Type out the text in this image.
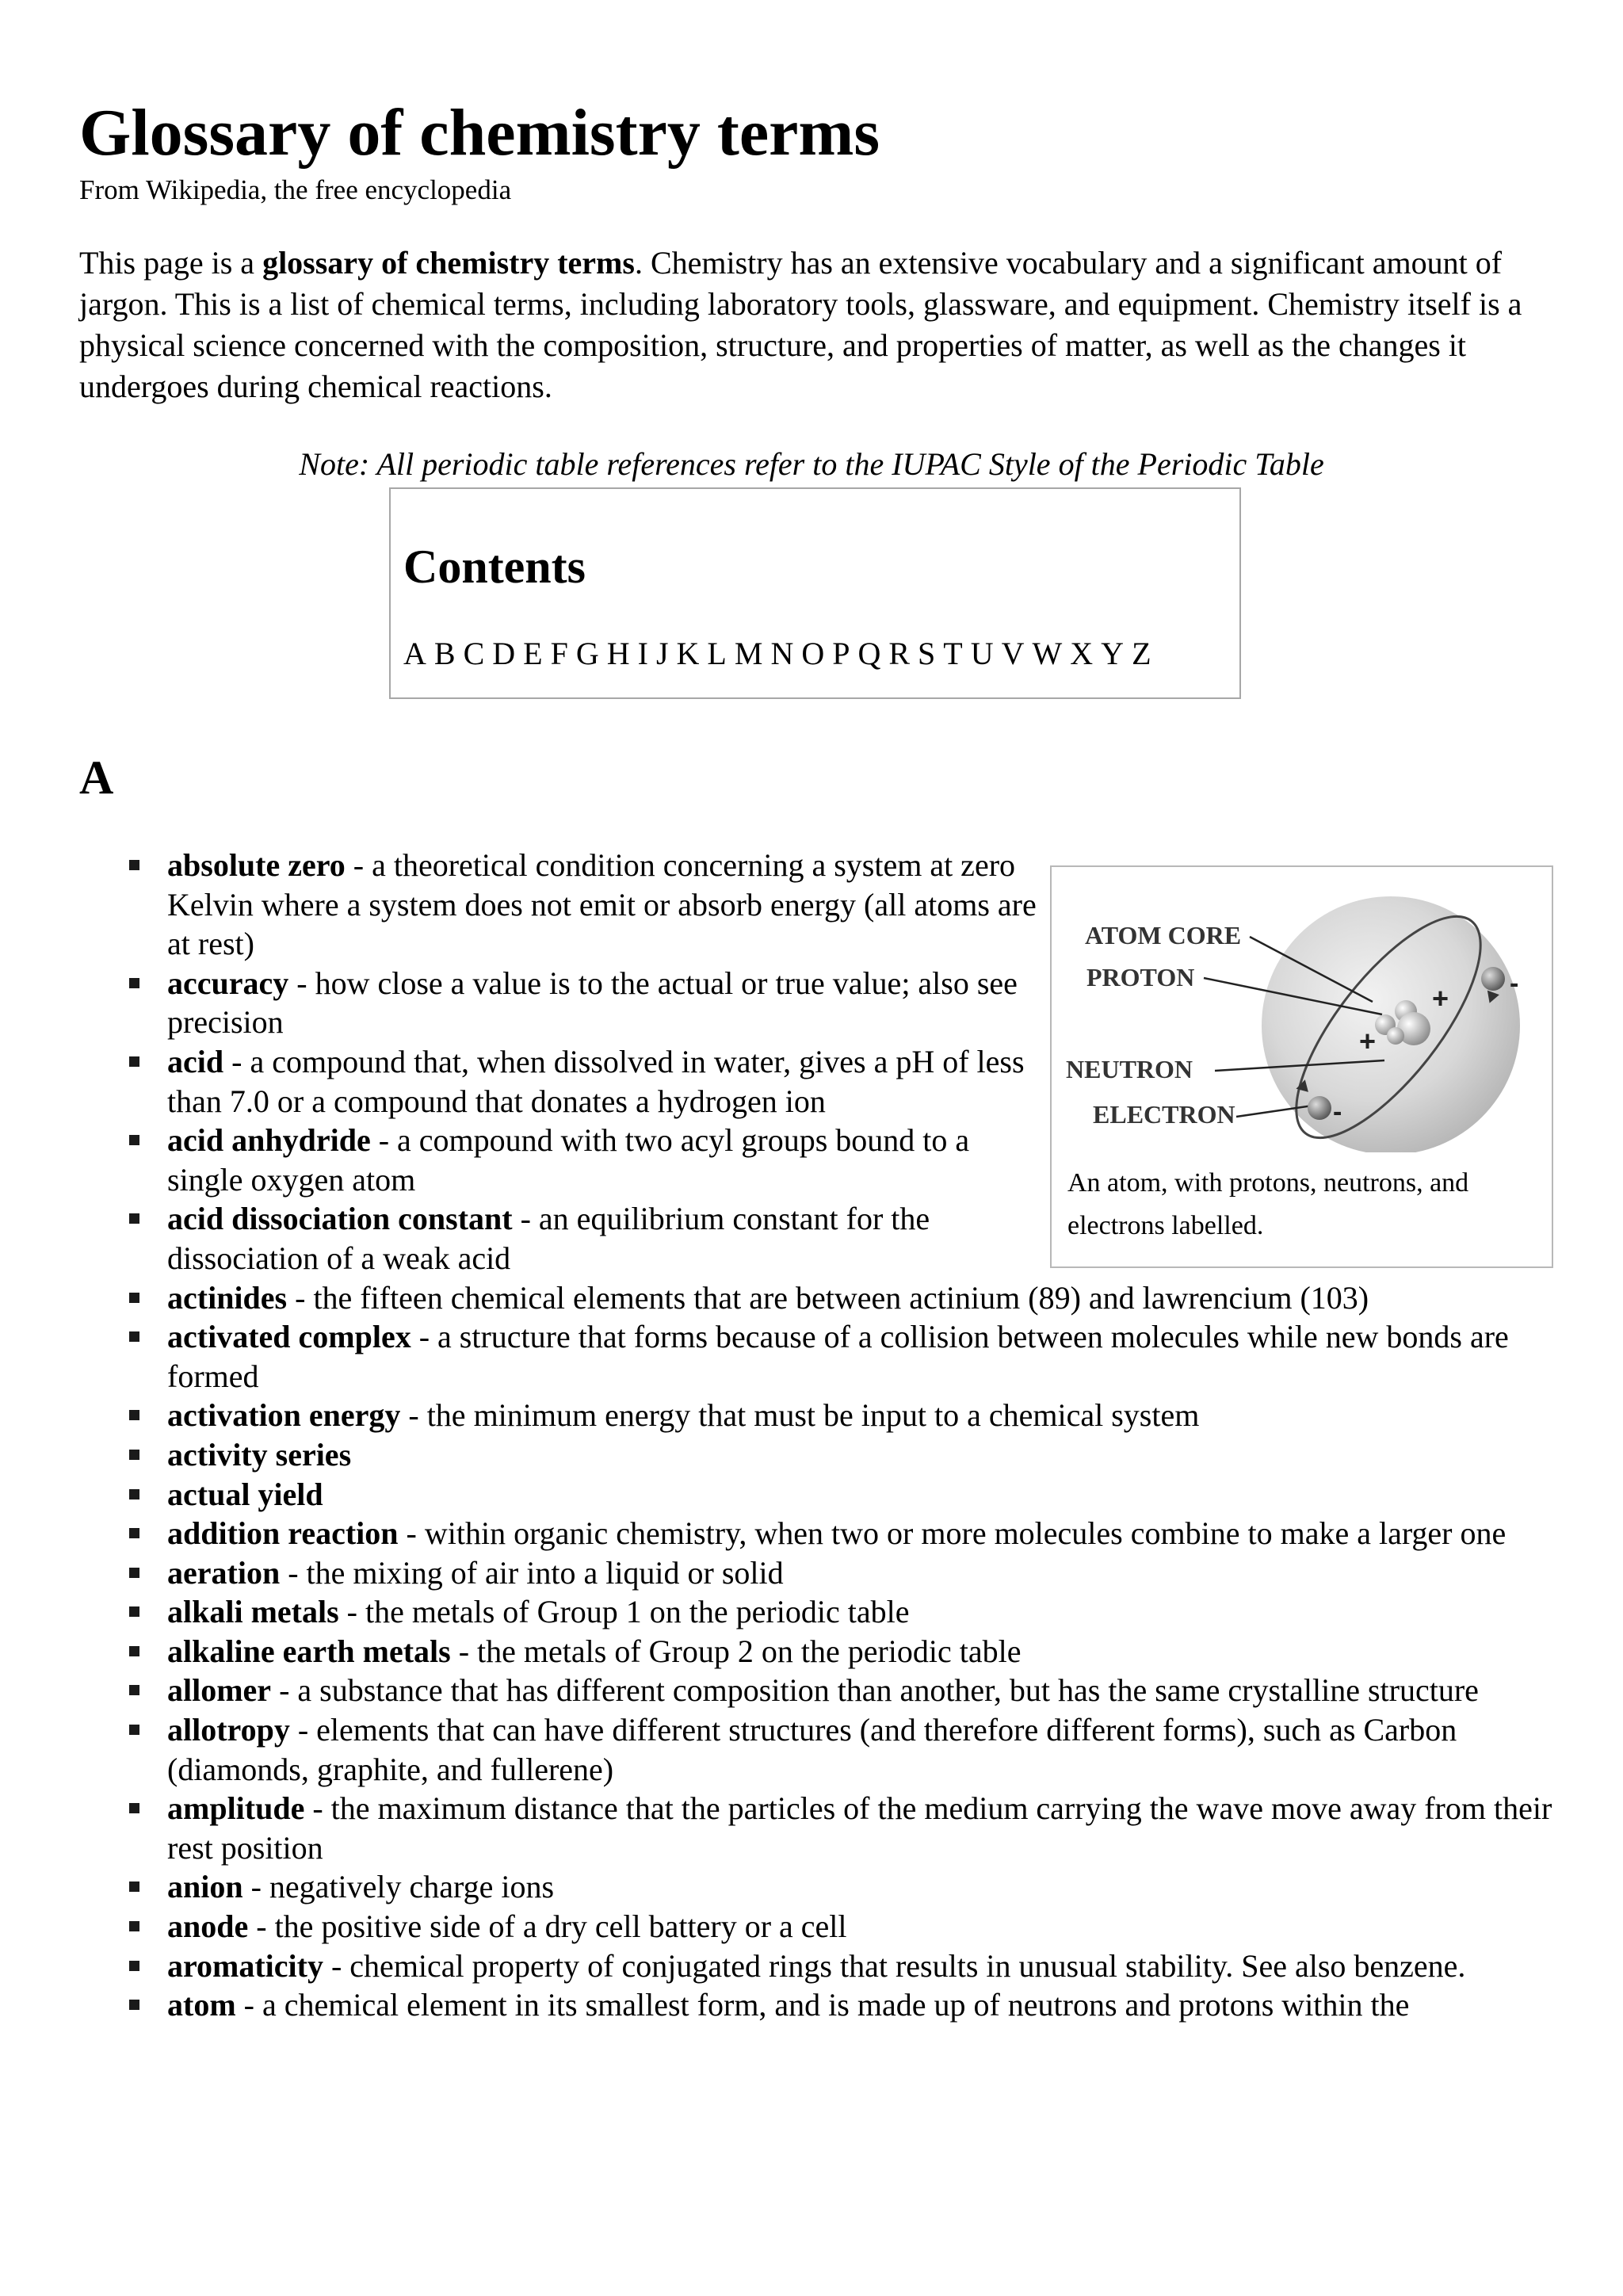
Glossary of chemistry terms
From Wikipedia, the free encyclopedia
This page is a glossary of chemistry terms. Chemistry has an extensive vocabulary and a significant amount of jargon. This is a list of chemical terms, including laboratory tools, glassware, and equipment. Chemistry itself is a physical science concerned with the composition, structure, and properties of matter, as well as the changes it undergoes during chemical reactions.
Note: All periodic table references refer to the IUPAC Style of the Periodic Table
Contents
A B C D E F G H I J K L M N O P Q R S T U V W X Y Z
A
+
+
-
-
ATOM CORE
PROTON
NEUTRON
ELECTRON
An atom, with protons, neutrons, and electrons labelled.
absolute zero - a theoretical condition concerning a system at zero Kelvin where a system does not emit or absorb energy (all atoms are at rest)
accuracy - how close a value is to the actual or true value; also see precision
acid - a compound that, when dissolved in water, gives a pH of less than 7.0 or a compound that donates a hydrogen ion
acid anhydride - a compound with two acyl groups bound to a single oxygen atom
acid dissociation constant - an equilibrium constant for the dissociation of a weak acid
actinides - the fifteen chemical elements that are between actinium (89) and lawrencium (103)
activated complex - a structure that forms because of a collision between molecules while new bonds are formed
activation energy - the minimum energy that must be input to a chemical system
activity series
actual yield
addition reaction - within organic chemistry, when two or more molecules combine to make a larger one
aeration - the mixing of air into a liquid or solid
alkali metals - the metals of Group 1 on the periodic table
alkaline earth metals - the metals of Group 2 on the periodic table
allomer - a substance that has different composition than another, but has the same crystalline structure
allotropy - elements that can have different structures (and therefore different forms), such as Carbon (diamonds, graphite, and fullerene)
amplitude - the maximum distance that the particles of the medium carrying the wave move away from their rest position
anion - negatively charge ions
anode - the positive side of a dry cell battery or a cell
aromaticity - chemical property of conjugated rings that results in unusual stability. See also benzene.
atom - a chemical element in its smallest form, and is made up of neutrons and protons within the
